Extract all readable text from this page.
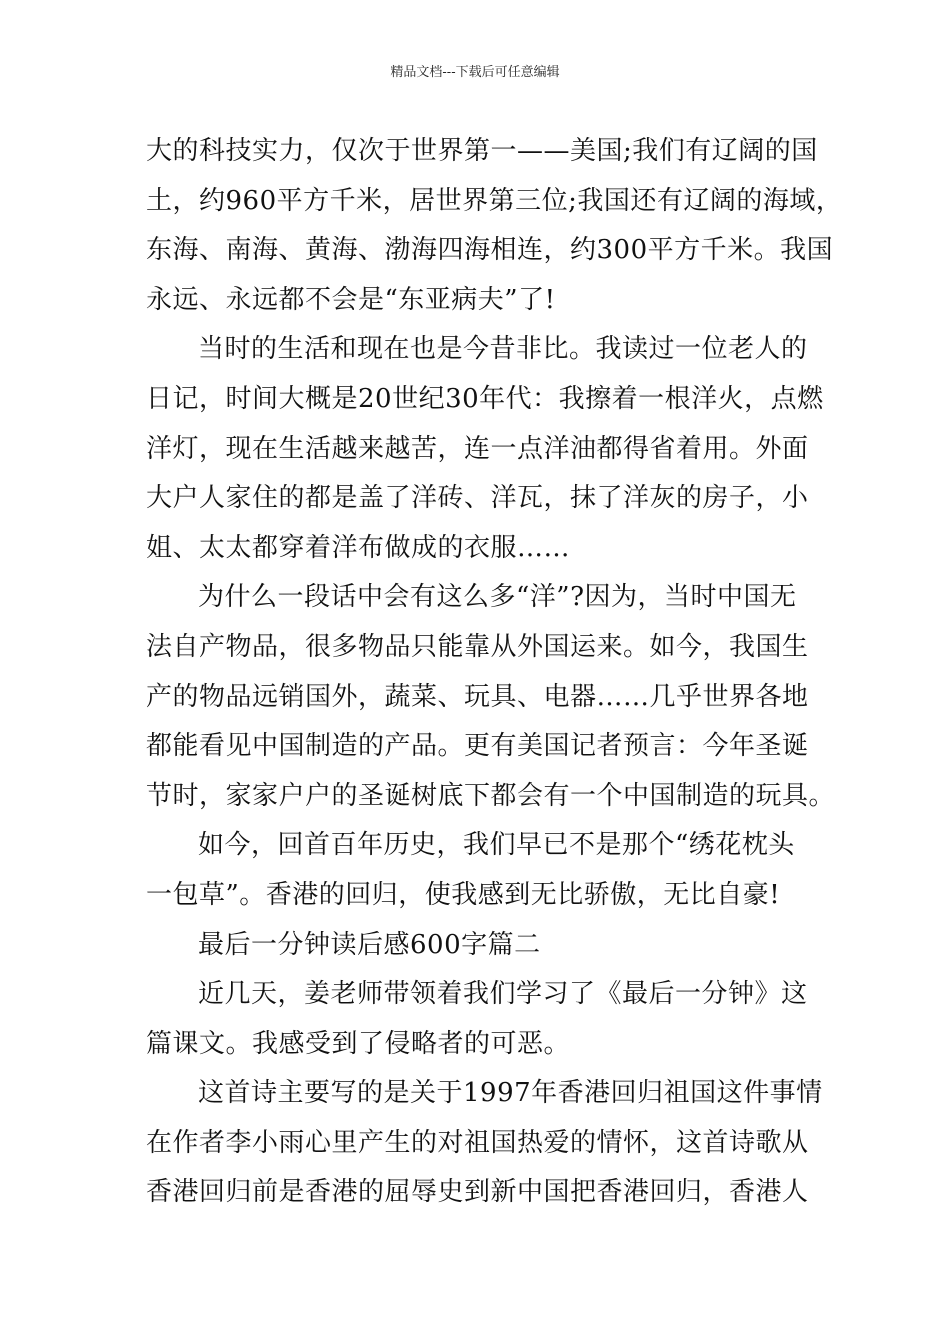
精品文档---下载后可任意编辑
大的科技实力，仅次于世界第一——美国;我们有辽阔的国
土，约960平方千米，居世界第三位;我国还有辽阔的海域，
东海、南海、黄海、渤海四海相连，约300平方千米。我国
永远、永远都不会是“东亚病夫”了!
当时的生活和现在也是今昔非比。我读过一位老人的
日记，时间大概是20世纪30年代：我擦着一根洋火，点燃
洋灯，现在生活越来越苦，连一点洋油都得省着用。外面
大户人家住的都是盖了洋砖、洋瓦，抹了洋灰的房子，小
姐、太太都穿着洋布做成的衣服……
为什么一段话中会有这么多“洋”?因为，当时中国无
法自产物品，很多物品只能靠从外国运来。如今，我国生
产的物品远销国外，蔬菜、玩具、电器……几乎世界各地
都能看见中国制造的产品。更有美国记者预言：今年圣诞
节时，家家户户的圣诞树底下都会有一个中国制造的玩具。
如今，回首百年历史，我们早已不是那个“绣花枕头
一包草”。香港的回归，使我感到无比骄傲，无比自豪!
最后一分钟读后感600字篇二
近几天，姜老师带领着我们学习了《最后一分钟》这
篇课文。我感受到了侵略者的可恶。
这首诗主要写的是关于1997年香港回归祖国这件事情
在作者李小雨心里产生的对祖国热爱的情怀，这首诗歌从
香港回归前是香港的屈辱史到新中国把香港回归，香港人
